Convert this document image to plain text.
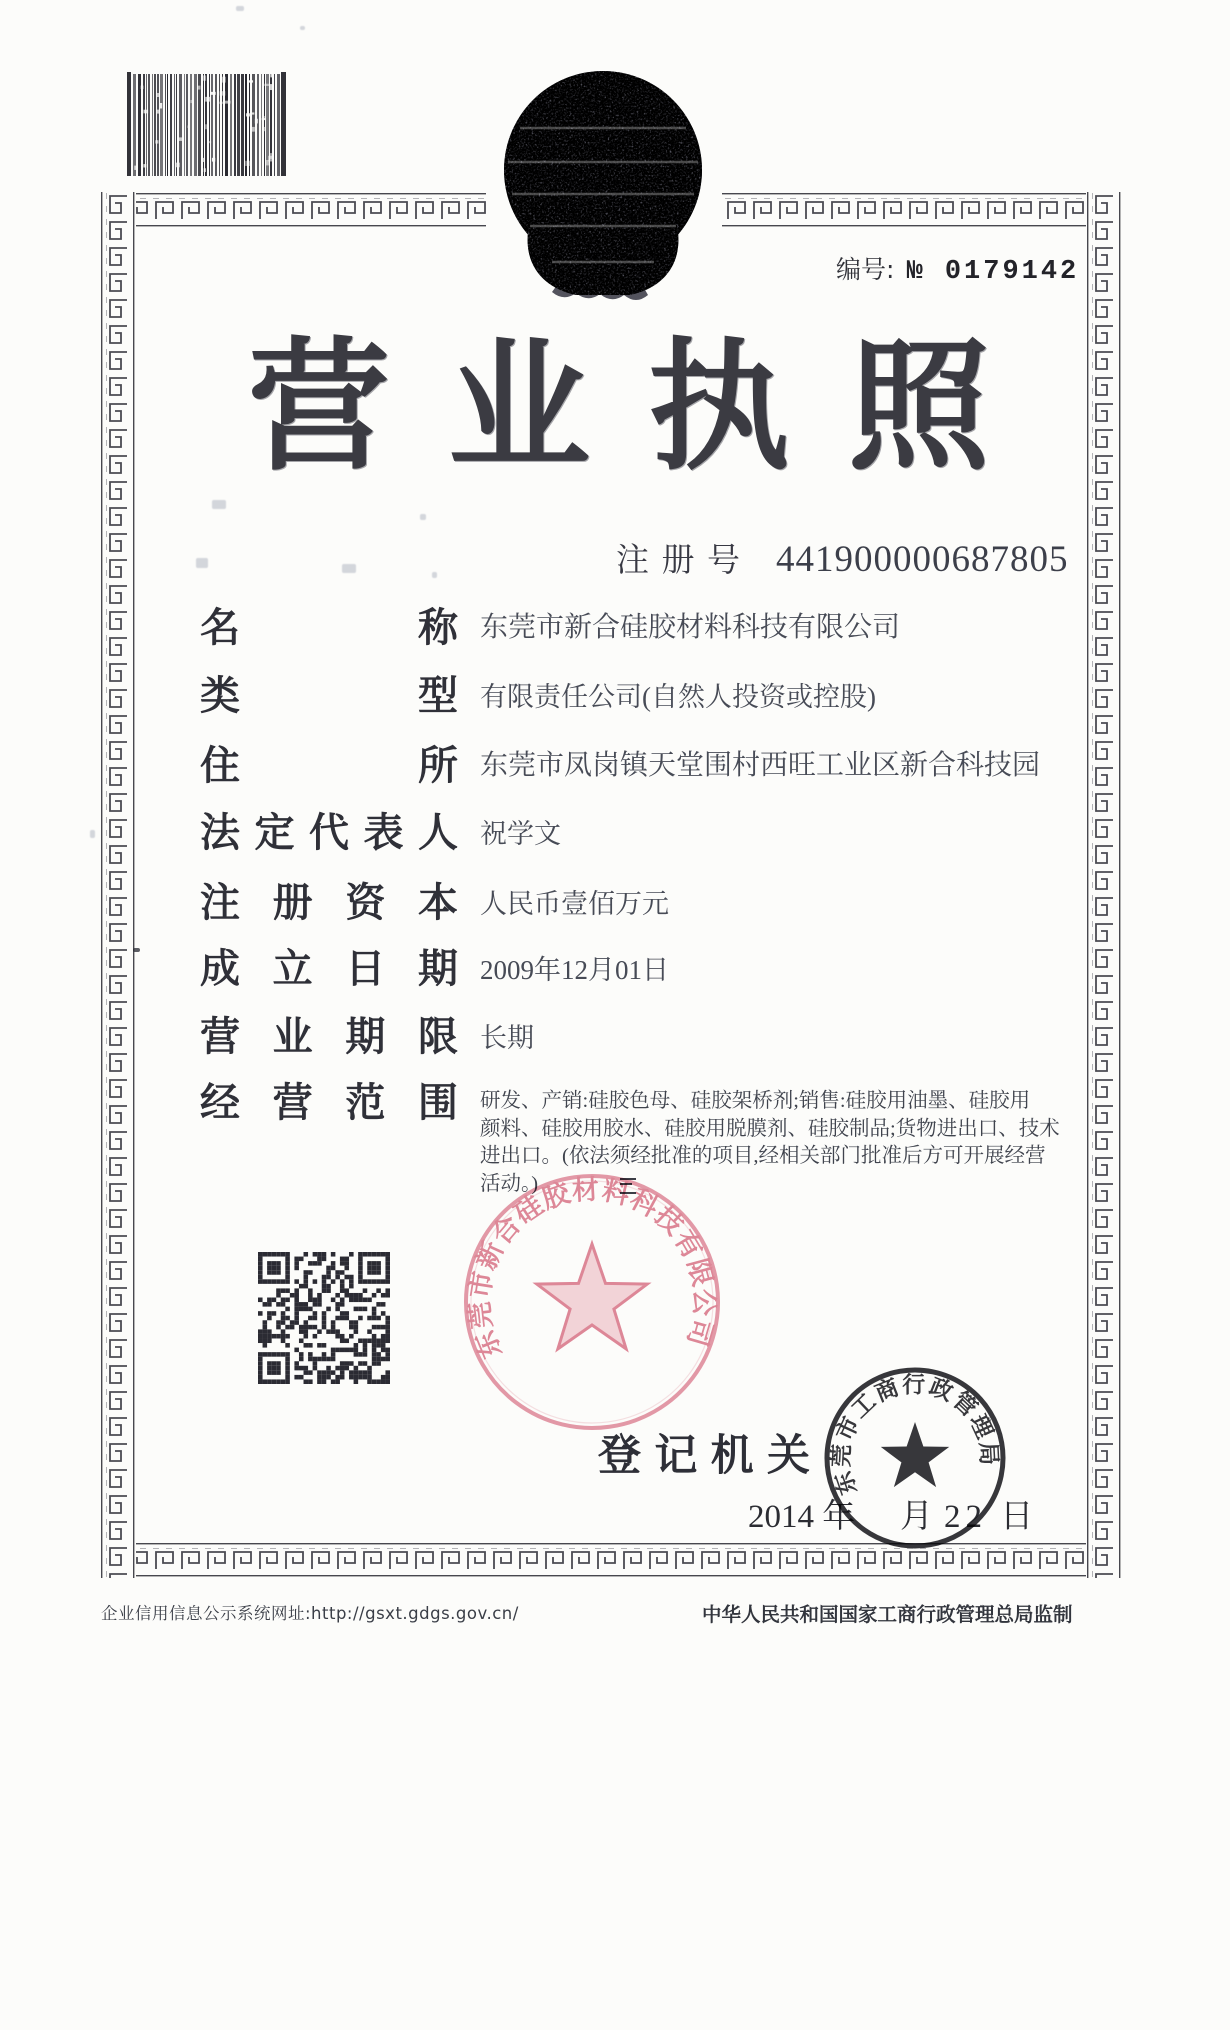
编号: № 0179142
营业执照
注 册 号 441900000687805
名	称 东莞市新合硅胶材料科技有限公司
类	型 有限责任公司(自然人投资或控股)
住	所 东莞市凤岗镇天堂围村西旺工业区新合科技园
法 定 代 表 人 祝学文
注 册 资 本 人民币壹佰万元
成 立 日 期 2009年12月01日
营 业 期 限 长期
经 营 范 围 研发、产销:硅胶色母、硅胶架桥剂;销售:硅胶用油墨、硅胶用
颜料、硅胶用胶水、硅胶用脱膜剂、硅胶制品;货物进出口、技术
进出口。(依法须经批准的项目,经相关部门批准后方可开展经营
活动。)
登 记 机 关
2014 年 月 22 日
东莞市新合硅胶材料科技有限公司
东莞市工商行政管理局
企业信用信息公示系统网址:http://gsxt.gdgs.gov.cn/	中华人民共和国国家工商行政管理总局监制
